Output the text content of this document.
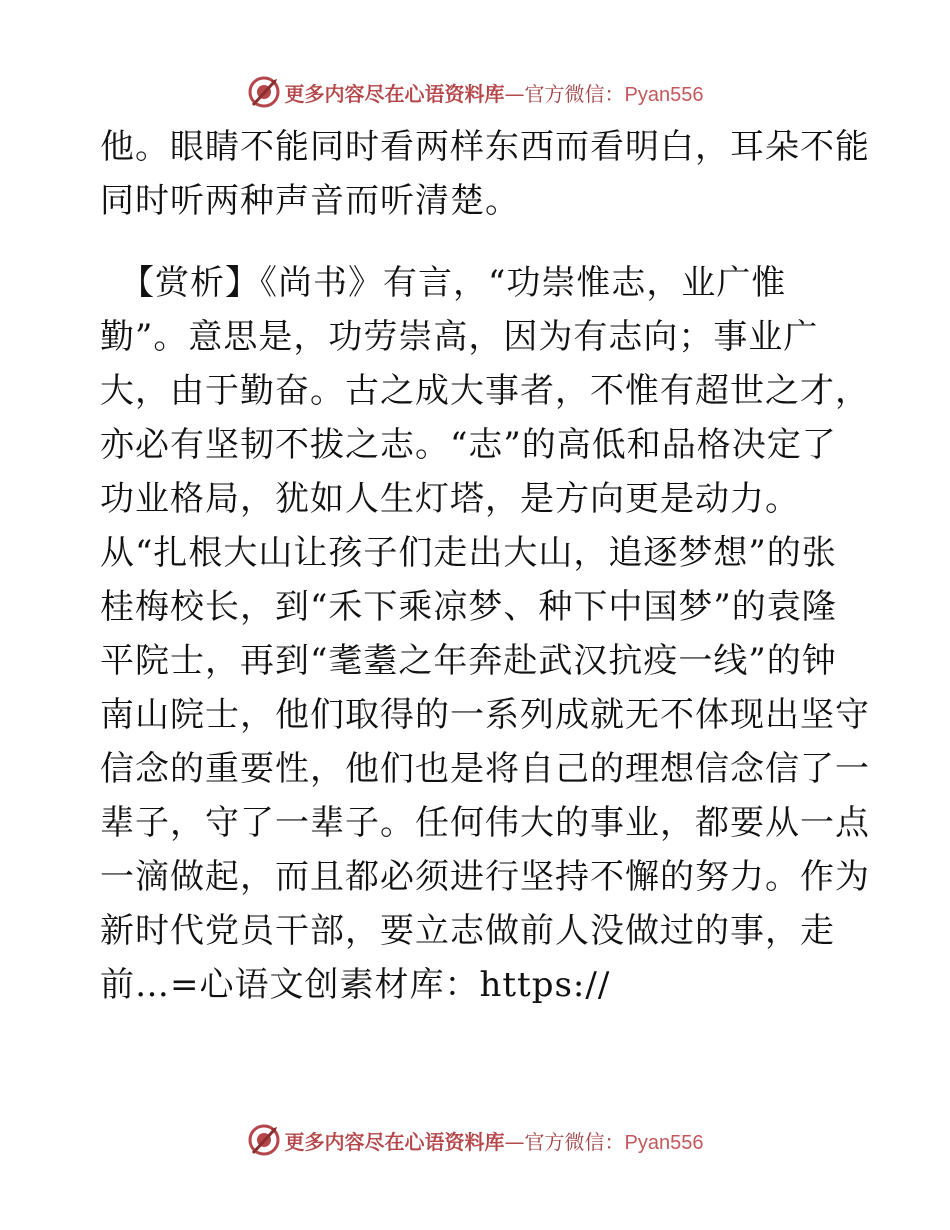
更多内容尽在心语资料库—官方微信：Pyan556
他。眼睛不能同时看两样东西而看明白，耳朵不能
同时听两种声音而听清楚。
【赏析】《尚书》有言，“功崇惟志，业广惟
勤”。意思是，功劳崇高，因为有志向；事业广
大，由于勤奋。古之成大事者，不惟有超世之才，
亦必有坚韧不拔之志。“志”的高低和品格决定了
功业格局，犹如人生灯塔，是方向更是动力。
从“扎根大山让孩子们走出大山，追逐梦想”的张
桂梅校长，到“禾下乘凉梦、种下中国梦”的袁隆
平院士，再到“耄耋之年奔赴武汉抗疫一线”的钟
南山院士，他们取得的一系列成就无不体现出坚守
信念的重要性，他们也是将自己的理想信念信了一
辈子，守了一辈子。任何伟大的事业，都要从一点
一滴做起，而且都必须进行坚持不懈的努力。作为
新时代党员干部，要立志做前人没做过的事，走
前…=心语文创素材库：https://
更多内容尽在心语资料库—官方微信：Pyan556
